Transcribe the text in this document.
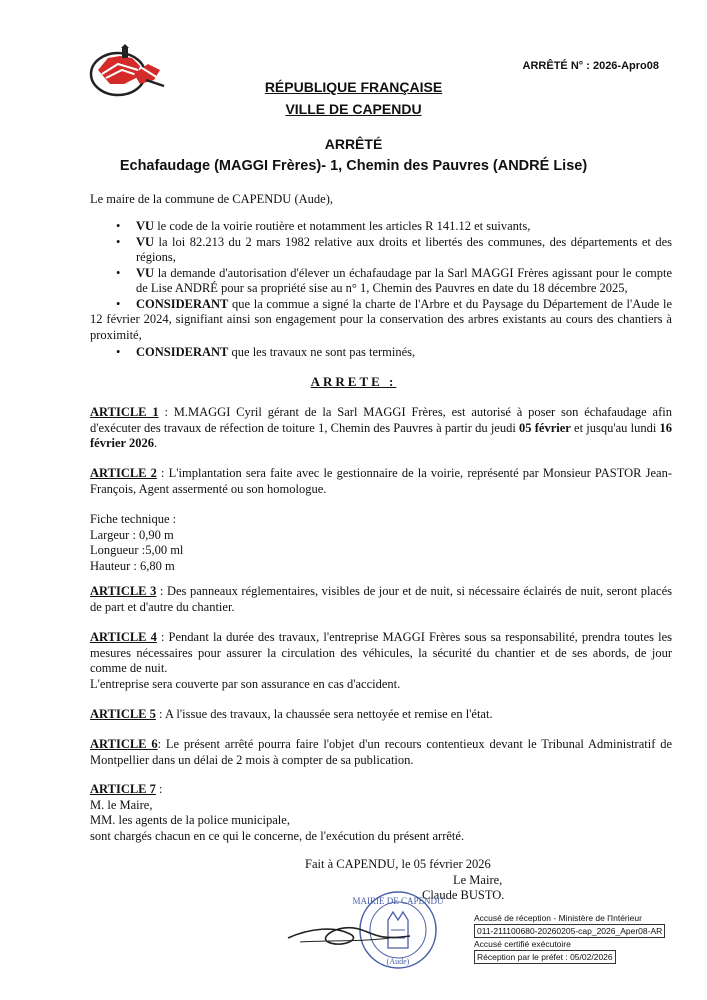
ARRÊTÉ N° : 2026-Apro08
RÉPUBLIQUE FRANÇAISE
VILLE DE CAPENDU
ARRÊTÉ
Echafaudage (MAGGI Frères)- 1, Chemin des Pauvres (ANDRÉ Lise)
Le maire de la commune de CAPENDU (Aude),
• VU le code de la voirie routière et notamment les articles R 141.12 et suivants,
• VU la loi 82.213 du 2 mars 1982 relative aux droits et libertés des communes, des départements et des régions,
• VU la demande d'autorisation d'élever un échafaudage par la Sarl MAGGI Frères agissant pour le compte de Lise ANDRÉ pour sa propriété sise au n° 1, Chemin des Pauvres en date du 18 décembre 2025,
• CONSIDERANT que la commue a signé la charte de l'Arbre et du Paysage du Département de l'Aude le 12 février 2024, signifiant ainsi son engagement pour la conservation des arbres existants au cours des chantiers à proximité,
• CONSIDERANT que les travaux ne sont pas terminés,
ARRETE :
ARTICLE 1 : M.MAGGI Cyril gérant de la Sarl MAGGI Frères, est autorisé à poser son échafaudage afin d'exécuter des travaux de réfection de toiture 1, Chemin des Pauvres à partir du jeudi 05 février et jusqu'au lundi 16 février 2026.
ARTICLE 2 : L'implantation sera faite avec le gestionnaire de la voirie, représenté par Monsieur PASTOR Jean-François, Agent assermenté ou son homologue.
Fiche technique :
Largeur : 0,90 m
Longueur :5,00 ml
Hauteur : 6,80 m
ARTICLE 3 : Des panneaux réglementaires, visibles de jour et de nuit, si nécessaire éclairés de nuit, seront placés de part et d'autre du chantier.
ARTICLE 4 : Pendant la durée des travaux, l'entreprise MAGGI Frères sous sa responsabilité, prendra toutes les mesures nécessaires pour assurer la circulation des véhicules, la sécurité du chantier et de ses abords, de jour comme de nuit.
L'entreprise sera couverte par son assurance en cas d'accident.
ARTICLE 5 : A l'issue des travaux, la chaussée sera nettoyée et remise en l'état.
ARTICLE 6: Le présent arrêté pourra faire l'objet d'un recours contentieux devant le Tribunal Administratif de Montpellier dans un délai de 2 mois à compter de sa publication.
ARTICLE 7 :
M. le Maire,
MM. les agents de la police municipale,
sont chargés chacun en ce qui le concerne, de l'exécution du présent arrêté.
Fait à CAPENDU, le 05 février 2026
Le Maire,
Claude BUSTO.
MAIRIE DE CAPENDU
(Aude)
Accusé de réception - Ministère de l'Intérieur
011-211100680-20260205-cap_2026_Aper08-AR
Accusé certifié exécutoire
Réception par le préfet : 05/02/2026
